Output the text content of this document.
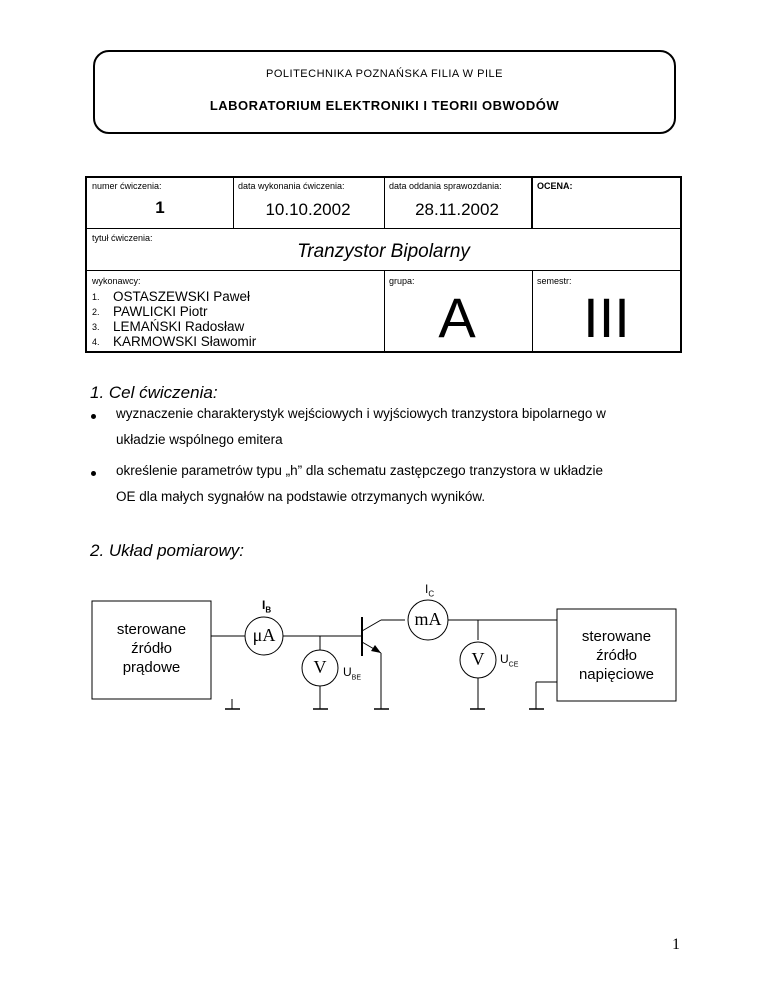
POLITECHNIKA POZNAŃSKA FILIA W PILE
LABORATORIUM ELEKTRONIKI I TEORII OBWODÓW
numer ćwiczenia:
1
data wykonania ćwiczenia:
10.10.2002
data oddania sprawozdania:
28.11.2002
OCENA:
tytuł ćwiczenia:
Tranzystor Bipolarny
wykonawcy:
1. OSTASZEWSKI Paweł
2. PAWLICKI Piotr
3. LEMAŃSKI Radosław
4. KARMOWSKI Sławomir
grupa:
A
semestr:
III
1. Cel ćwiczenia:
wyznaczenie charakterystyk wejściowych i wyjściowych tranzystora bipolarnego w
układzie wspólnego emitera
określenie parametrów typu „h” dla schematu zastępczego tranzystora w układzie
OE dla małych sygnałów na podstawie otrzymanych wyników.
2. Układ pomiarowy:
sterowane
źródło
prądowe
sterowane
źródło
napięciowe
μA
mA
V	V
$I_B$
$I_C$
$U_{BE}$
$U_{CE}$
1
